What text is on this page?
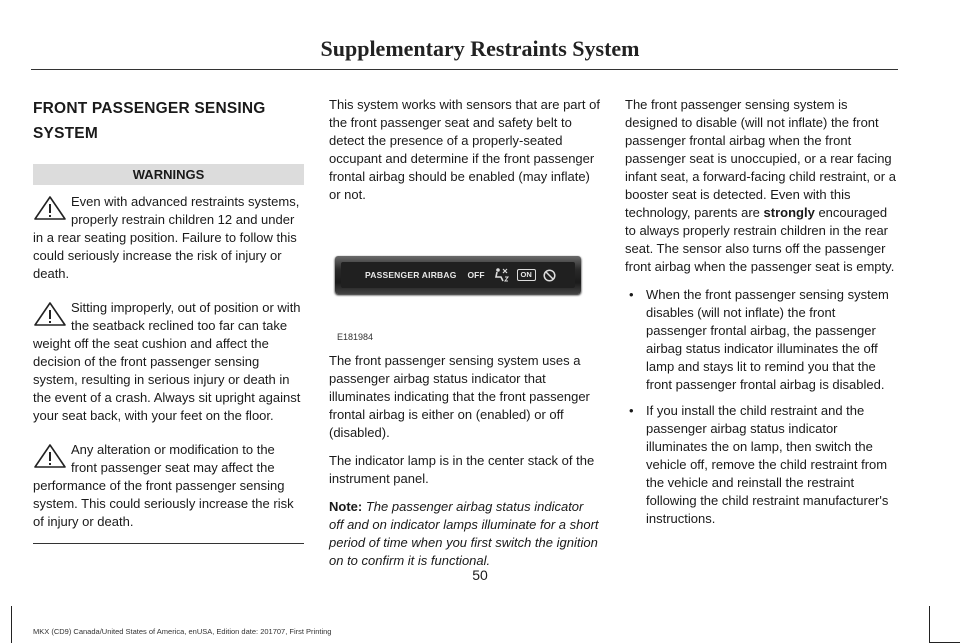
Supplementary Restraints System
FRONT PASSENGER SENSING
SYSTEM
WARNINGS
Even with advanced restraints systems, properly restrain children 12 and under in a rear seating position. Failure to follow this could seriously increase the risk of injury or death.
Sitting improperly, out of position or with the seatback reclined too far can take weight off the seat cushion and affect the decision of the front passenger sensing system, resulting in serious injury or death in the event of a crash. Always sit upright against your seat back, with your feet on the floor.
Any alteration or modification to the front passenger seat may affect the performance of the front passenger sensing system. This could seriously increase the risk of injury or death.

This system works with sensors that are part of the front passenger seat and safety belt to detect the presence of a properly-seated occupant and determine if the front passenger frontal airbag should be enabled (may inflate) or not.

PASSENGER AIRBAG OFF	ON
E181984

The front passenger sensing system uses a passenger airbag status indicator that illuminates indicating that the front passenger frontal airbag is either on (enabled) or off (disabled).

The indicator lamp is in the center stack of the instrument panel.

Note: The passenger airbag status indicator off and on indicator lamps illuminate for a short period of time when you first switch the ignition on to confirm it is functional.

The front passenger sensing system is designed to disable (will not inflate) the front passenger frontal airbag when the front passenger seat is unoccupied, or a rear facing infant seat, a forward-facing child restraint, or a booster seat is detected. Even with this technology, parents are strongly encouraged to always properly restrain children in the rear seat. The sensor also turns off the passenger front airbag when the passenger seat is empty.

• When the front passenger sensing system disables (will not inflate) the front passenger frontal airbag, the passenger airbag status indicator illuminates the off lamp and stays lit to remind you that the front passenger frontal airbag is disabled.
• If you install the child restraint and the passenger airbag status indicator illuminates the on lamp, then switch the vehicle off, remove the child restraint from the vehicle and reinstall the restraint following the child restraint manufacturer's instructions.
50
MKX (CD9) Canada/United States of America, enUSA, Edition date: 201707, First Printing
